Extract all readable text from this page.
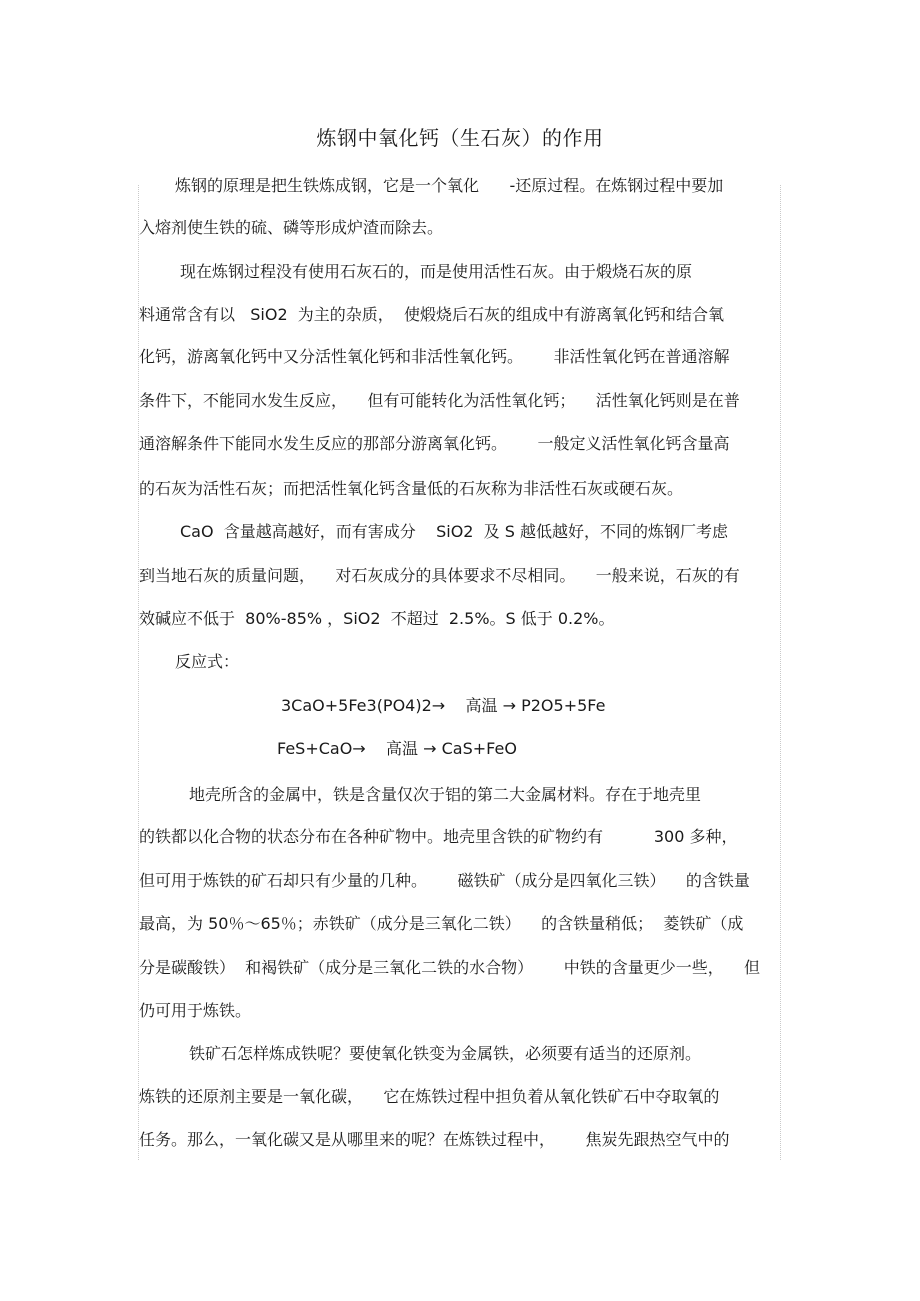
炼钢中氧化钙（生石灰）的作用

炼钢的原理是把生铁炼成钢，它是一个氧化      -还原过程。在炼钢过程中要加

入熔剂使生铁的硫、磷等形成炉渣而除去。

现在炼钢过程没有使用石灰石的，而是使用活性石灰。由于煅烧石灰的原

料通常含有以   SiO2  为主的杂质，  使煅烧后石灰的组成中有游离氧化钙和结合氧

化钙，游离氧化钙中又分活性氧化钙和非活性氧化钙。      非活性氧化钙在普通溶解

条件下，不能同水发生反应，    但有可能转化为活性氧化钙；    活性氧化钙则是在普

通溶解条件下能同水发生反应的那部分游离氧化钙。      一般定义活性氧化钙含量高

的石灰为活性石灰；而把活性氧化钙含量低的石灰称为非活性石灰或硬石灰。

CaO  含量越高越好，而有害成分    SiO2  及 S 越低越好，不同的炼钢厂考虑

到当地石灰的质量问题，    对石灰成分的具体要求不尽相同。    一般来说，石灰的有

效碱应不低于  80%-85% ，SiO2  不超过  2.5%。S 低于 0.2%。

反应式：

3CaO+5Fe3(PO4)2→    高温 → P2O5+5Fe

FeS+CaO→    高温 → CaS+FeO

地壳所含的金属中，铁是含量仅次于铝的第二大金属材料。存在于地壳里

的铁都以化合物的状态分布在各种矿物中。地壳里含铁的矿物约有          300 多种，

但可用于炼铁的矿石却只有少量的几种。      磁铁矿（成分是四氧化三铁）    的含铁量

最高，为 50％～65％；赤铁矿（成分是三氧化二铁）    的含铁量稍低；  菱铁矿（成

分是碳酸铁）  和褐铁矿（成分是三氧化二铁的水合物）      中铁的含量更少一些，    但

仍可用于炼铁。

铁矿石怎样炼成铁呢？要使氧化铁变为金属铁，必须要有适当的还原剂。

炼铁的还原剂主要是一氧化碳，    它在炼铁过程中担负着从氧化铁矿石中夺取氧的

任务。那么，一氧化碳又是从哪里来的呢？在炼铁过程中，      焦炭先跟热空气中的
